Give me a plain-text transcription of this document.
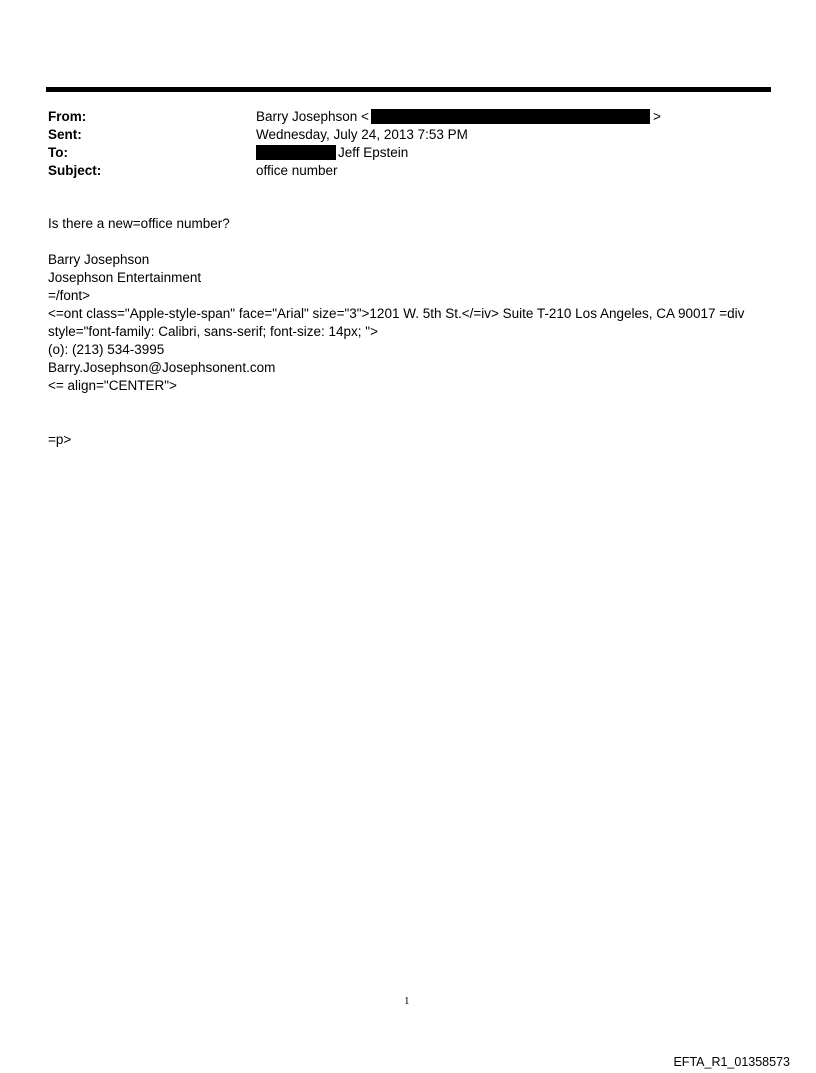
From:	Barry Josephson <	>
Sent:	Wednesday, July 24, 2013 7:53 PM
To:	Jeff Epstein
Subject:	office number
Is there a new=office number?
Barry Josephson
Josephson Entertainment
=/font>
<=ont class="Apple-style-span" face="Arial" size="3">1201 W. 5th St.</=iv> Suite T-210 Los Angeles, CA 90017 =div
style="font-family: Calibri, sans-serif; font-size: 14px; ">
(o): (213) 534-3995
Barry.Josephson@Josephsonent.com
<= align="CENTER">
=p>
1
EFTA_R1_01358573
